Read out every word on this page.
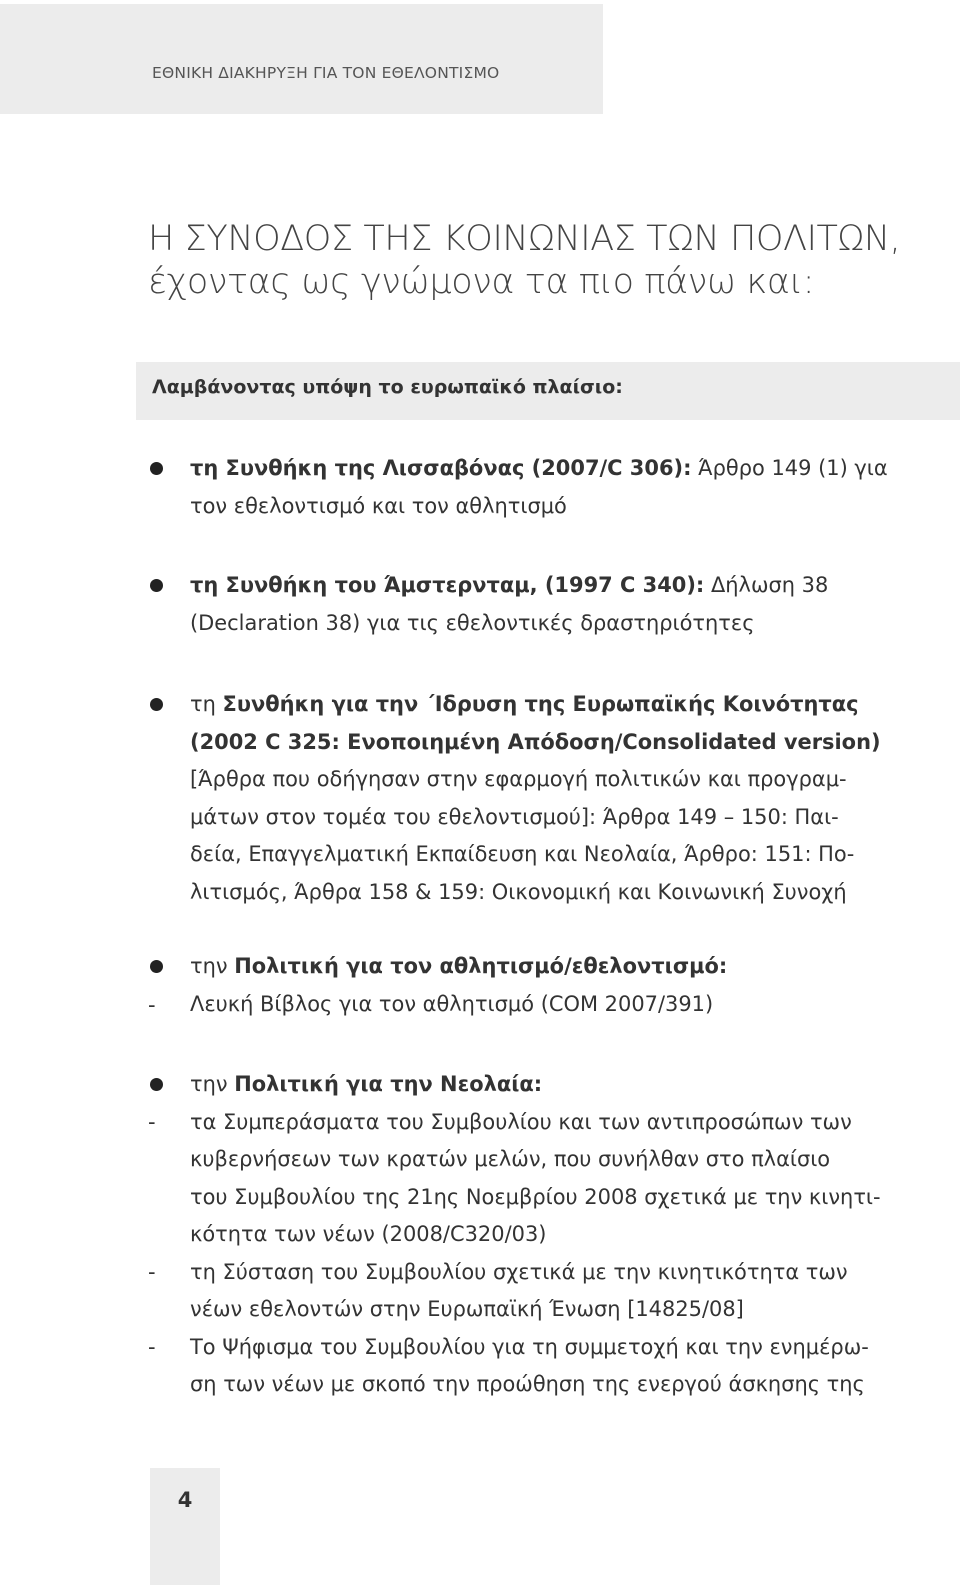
ΕΘΝΙΚΗ ΔΙΑΚΗΡΥΞΗ ΓΙΑ ΤΟΝ ΕΘΕΛΟΝΤΙΣΜΟ
Η ΣΥΝΟΔΟΣ ΤΗΣ ΚΟΙΝΩΝΙΑΣ ΤΩΝ ΠΟΛΙΤΩΝ,
έχοντας ως γνώμονα τα πιο πάνω και:
Λαμβάνοντας υπόψη το ευρωπαϊκό πλαίσιο:
τη Συνθήκη της Λισσαβόνας (2007/C 306): Άρθρο 149 (1) για
τον εθελοντισμό και τον αθλητισμό
τη Συνθήκη του Άμστερνταμ, (1997 C 340): Δήλωση 38
(Declaration 38) για τις εθελοντικές δραστηριότητες
τη Συνθήκη για την ΄Ιδρυση της Ευρωπαϊκής Κοινότητας
(2002 C 325: Ενοποιημένη Απόδοση/Consolidated version)
[Άρθρα που οδήγησαν στην εφαρμογή πολιτικών και προγραμ-
μάτων στον τομέα του εθελοντισμού]: Άρθρα 149 – 150: Παι-
δεία, Επαγγελματική Εκπαίδευση και Νεολαία, Άρθρο: 151: Πο-
λιτισμός, Άρθρα 158 & 159: Οικονομική και Κοινωνική Συνοχή
την Πολιτική για τον αθλητισμό/εθελοντισμό:
Λευκή Βίβλος για τον αθλητισμό (COM 2007/391)
-
την Πολιτική για την Νεολαία:
τα Συμπεράσματα του Συμβουλίου και των αντιπροσώπων των
κυβερνήσεων των κρατών μελών, που συνήλθαν στο πλαίσιο
του Συμβουλίου της 21ης Νοεμβρίου 2008 σχετικά με την κινητι-
κότητα των νέων (2008/C320/03)
τη Σύσταση του Συμβουλίου σχετικά με την κινητικότητα των
νέων εθελοντών στην Ευρωπαϊκή Ένωση [14825/08]
Το Ψήφισμα του Συμβουλίου για τη συμμετοχή και την ενημέρω-
ση των νέων με σκοπό την προώθηση της ενεργού άσκησης της
-
-
-
4
